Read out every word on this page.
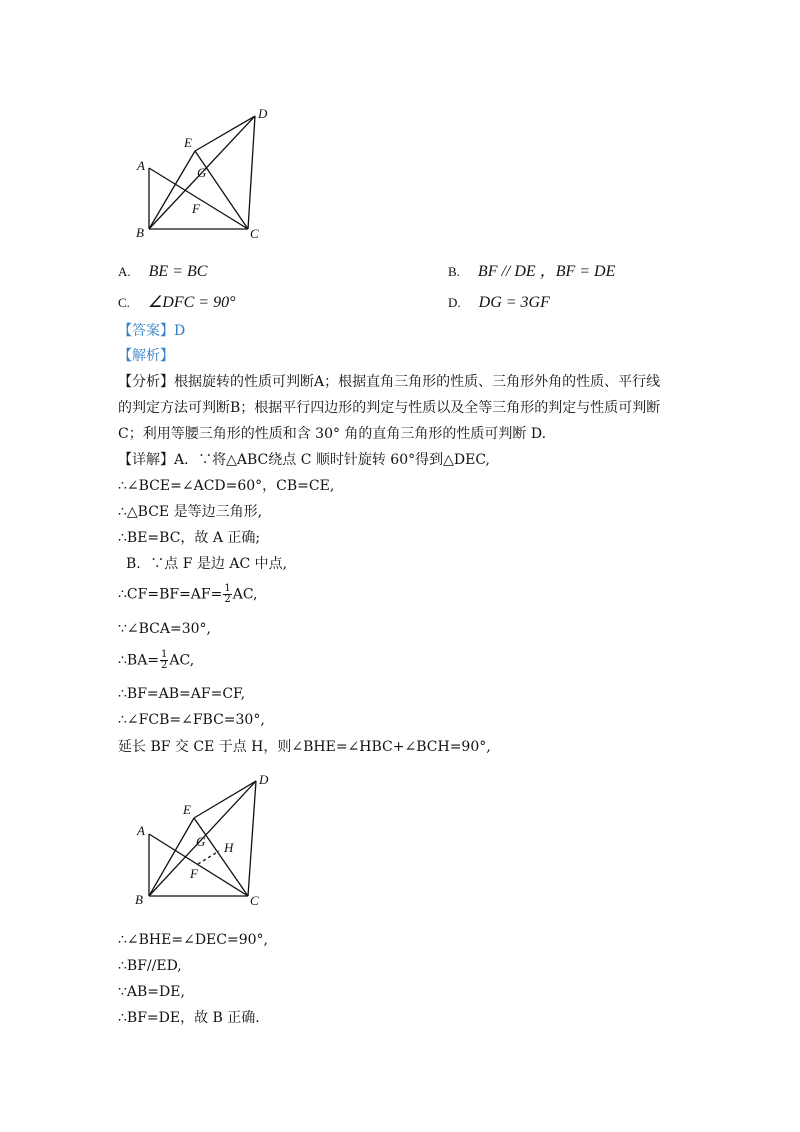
A
B	C
D
E
F
G
A. BE = BC	B. BF // DE ，BF = DE
C. ∠DFC = 90°	D. DG = 3GF
【答案】D
【解析】
【分析】根据旋转的性质可判断A；根据直角三角形的性质、三角形外角的性质、平行线
的判定方法可判断B；根据平行四边形的判定与性质以及全等三角形的判定与性质可判断
C；利用等腰三角形的性质和含 30° 角的直角三角形的性质可判断 D.
【详解】A．∵将△ABC绕点 C 顺时针旋转 60°得到△DEC,
∴∠BCE=∠ACD=60°，CB=CE,
∴△BCE 是等边三角形,
∴BE=BC，故 A 正确;
B．∵点 F 是边 AC 中点,
∴CF=BF=AF= $\frac{1}{2}$ AC,
∵∠BCA=30°,
∴BA= $\frac{1}{2}$ AC,
∴BF=AB=AF=CF,
∴∠FCB=∠FBC=30°,
延长 BF 交 CE 于点 H，则∠BHE=∠HBC+∠BCH=90°,
A
B	C
D
E
F
G H
∴∠BHE=∠DEC=90°,
∴BF//ED,
∵AB=DE,
∴BF=DE，故 B 正确.
